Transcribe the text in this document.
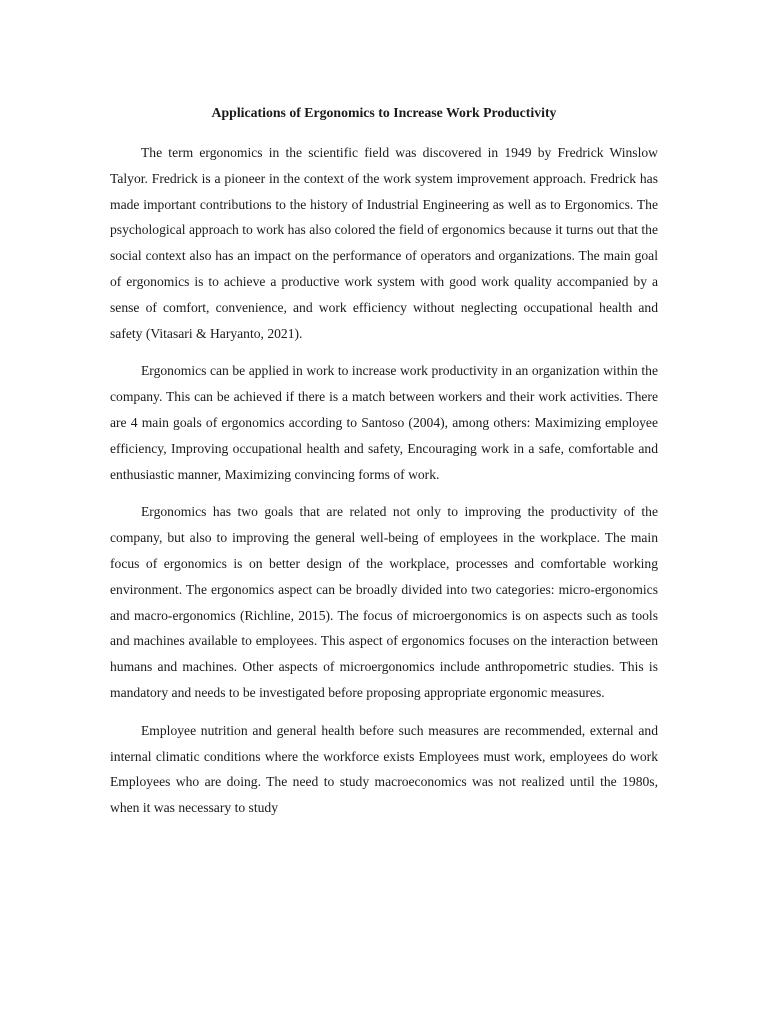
Applications of Ergonomics to Increase Work Productivity

The term ergonomics in the scientific field was discovered in 1949 by Fredrick Winslow Talyor. Fredrick is a pioneer in the context of the work system improvement approach. Fredrick has made important contributions to the history of Industrial Engineering as well as to Ergonomics. The psychological approach to work has also colored the field of ergonomics because it turns out that the social context also has an impact on the performance of operators and organizations. The main goal of ergonomics is to achieve a productive work system with good work quality accompanied by a sense of comfort, convenience, and work efficiency without neglecting occupational health and safety (Vitasari & Haryanto, 2021).

Ergonomics can be applied in work to increase work productivity in an organization within the company. This can be achieved if there is a match between workers and their work activities. There are 4 main goals of ergonomics according to Santoso (2004), among others: Maximizing employee efficiency, Improving occupational health and safety, Encouraging work in a safe, comfortable and enthusiastic manner, Maximizing convincing forms of work.

Ergonomics has two goals that are related not only to improving the productivity of the company, but also to improving the general well-being of employees in the workplace. The main focus of ergonomics is on better design of the workplace, processes and comfortable working environment. The ergonomics aspect can be broadly divided into two categories: micro-ergonomics and macro-ergonomics (Richline, 2015). The focus of microergonomics is on aspects such as tools and machines available to employees. This aspect of ergonomics focuses on the interaction between humans and machines. Other aspects of microergonomics include anthropometric studies. This is mandatory and needs to be investigated before proposing appropriate ergonomic measures.

Employee nutrition and general health before such measures are recommended, external and internal climatic conditions where the workforce exists Employees must work, employees do work Employees who are doing. The need to study macroeconomics was not realized until the 1980s, when it was necessary to study
